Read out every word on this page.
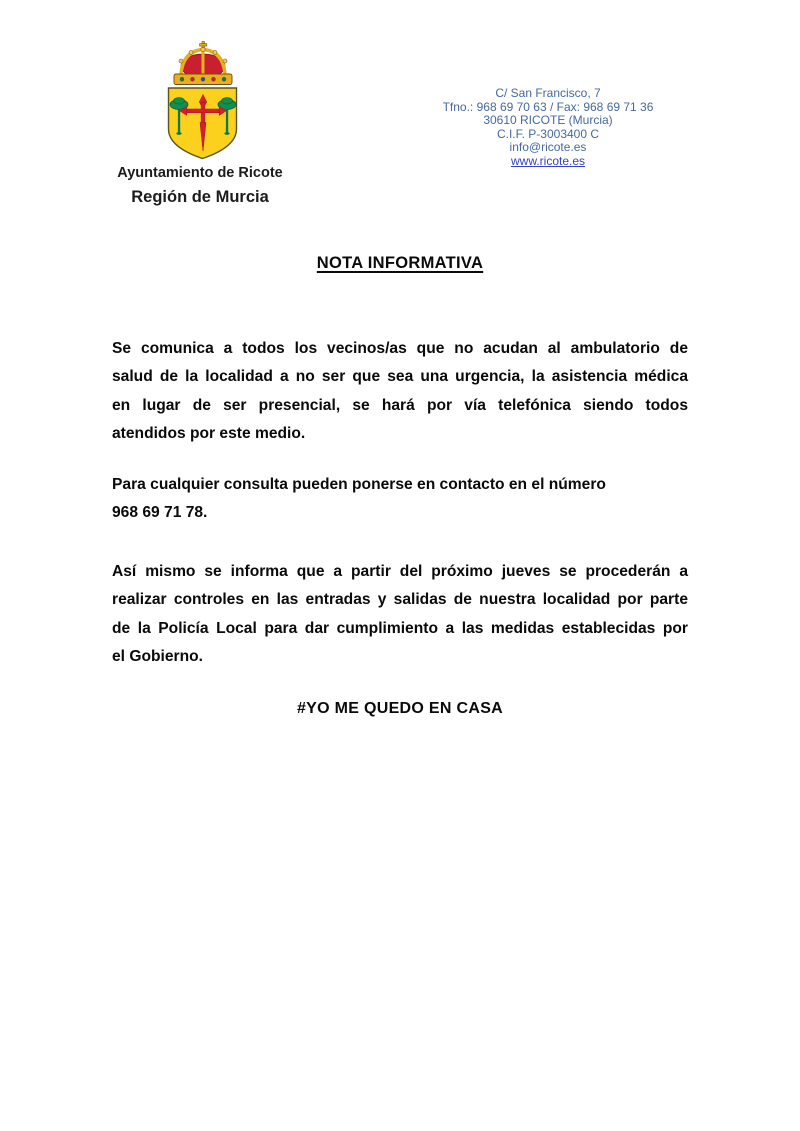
Ayuntamiento de Ricote
Región de Murcia
C/ San Francisco, 7
Tfno.: 968 69 70 63 / Fax: 968 69 71 36
30610 RICOTE (Murcia)
C.I.F. P-3003400 C
info@ricote.es
www.ricote.es
NOTA INFORMATIVA
Se comunica a todos los vecinos/as que no acudan al ambulatorio de
salud de la localidad a no ser que sea una urgencia, la asistencia médica
en lugar de ser presencial, se hará por vía telefónica siendo todos
atendidos por este medio.
Para cualquier consulta pueden ponerse en contacto en el número
968 69 71 78.
Así mismo se informa que a partir del próximo jueves se procederán a
realizar controles en las entradas y salidas de nuestra localidad por parte
de la Policía Local para dar cumplimiento a las medidas establecidas por
el Gobierno.
#YO ME QUEDO EN CASA
